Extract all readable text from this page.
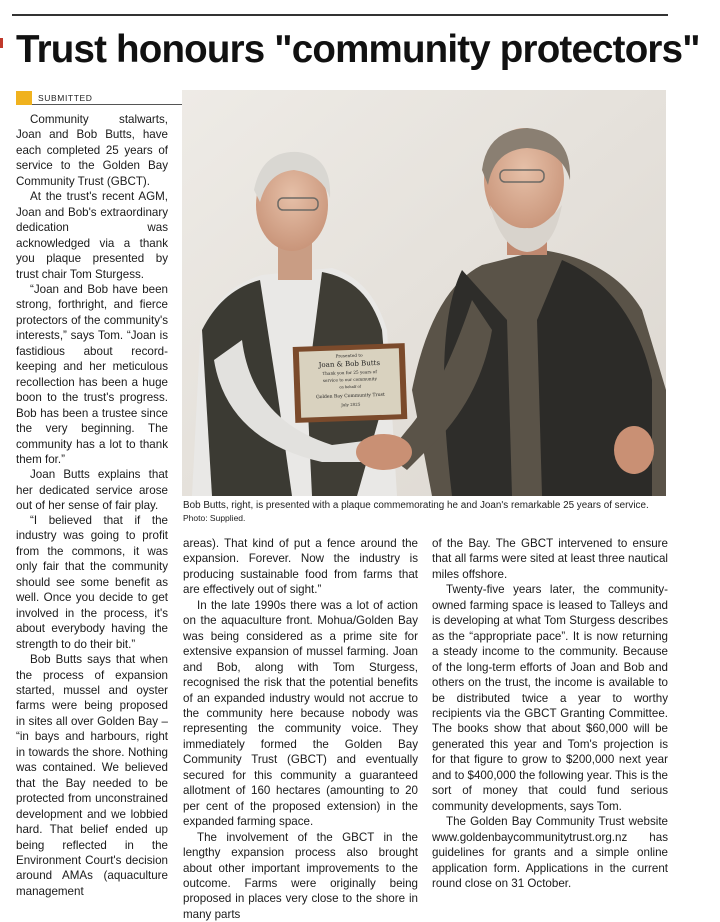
Trust honours "community protectors"
SUBMITTED

Community stalwarts, Joan and Bob Butts, have each completed 25 years of service to the Golden Bay Community Trust (GBCT).

At the trust's recent AGM, Joan and Bob's extraordinary dedication was acknowledged via a thank you plaque presented by trust chair Tom Sturgess.

“Joan and Bob have been strong, forthright, and fierce protectors of the community's interests,” says Tom. “Joan is fastidious about record-keeping and her meticulous recollection has been a huge boon to the trust's progress. Bob has been a trustee since the very beginning. The community has a lot to thank them for.”

Joan Butts explains that her dedicated service arose out of her sense of fair play.

“I believed that if the industry was going to profit from the commons, it was only fair that the community should see some benefit as well. Once you decide to get involved in the process, it's about everybody having the strength to do their bit.”

Bob Butts says that when the process of expansion started, mussel and oyster farms were being proposed in sites all over Golden Bay – “in bays and harbours, right in towards the shore. Nothing was contained. We believed that the Bay needed to be protected from unconstrained development and we lobbied hard. That belief ended up being reflected in the Environment Court's decision around AMAs (aquaculture management

Presented to
Joan & Bob Butts
Thank you for 25 years of
service to our community
on behalf of
Golden Bay Community Trust
July 2025
Bob Butts, right, is presented with a plaque commemorating he and Joan's remarkable 25 years of service. Photo: Supplied.

areas). That kind of put a fence around the expansion. Forever. Now the industry is producing sustainable food from farms that are effectively out of sight.”

In the late 1990s there was a lot of action on the aquaculture front. Mohua/Golden Bay was being considered as a prime site for extensive expansion of mussel farming. Joan and Bob, along with Tom Sturgess, recognised the risk that the potential benefits of an expanded industry would not accrue to the community here because nobody was representing the community voice. They immediately formed the Golden Bay Community Trust (GBCT) and eventually secured for this community a guaranteed allotment of 160 hectares (amounting to 20 per cent of the proposed extension) in the expanded farming space.

The involvement of the GBCT in the lengthy expansion process also brought about other important improvements to the outcome. Farms were originally being proposed in places very close to the shore in many parts

of the Bay. The GBCT intervened to ensure that all farms were sited at least three nautical miles offshore.

Twenty-five years later, the community-owned farming space is leased to Talleys and is developing at what Tom Sturgess describes as the “appropriate pace”. It is now returning a steady income to the community. Because of the long-term efforts of Joan and Bob and others on the trust, the income is available to be distributed twice a year to worthy recipients via the GBCT Granting Committee. The books show that about $60,000 will be generated this year and Tom's projection is for that figure to grow to $200,000 next year and to $400,000 the following year. This is the sort of money that could fund serious community developments, says Tom.

The Golden Bay Community Trust website www.goldenbaycommunitytrust.org.nz has guidelines for grants and a simple online application form. Applications in the current round close on 31 October.
